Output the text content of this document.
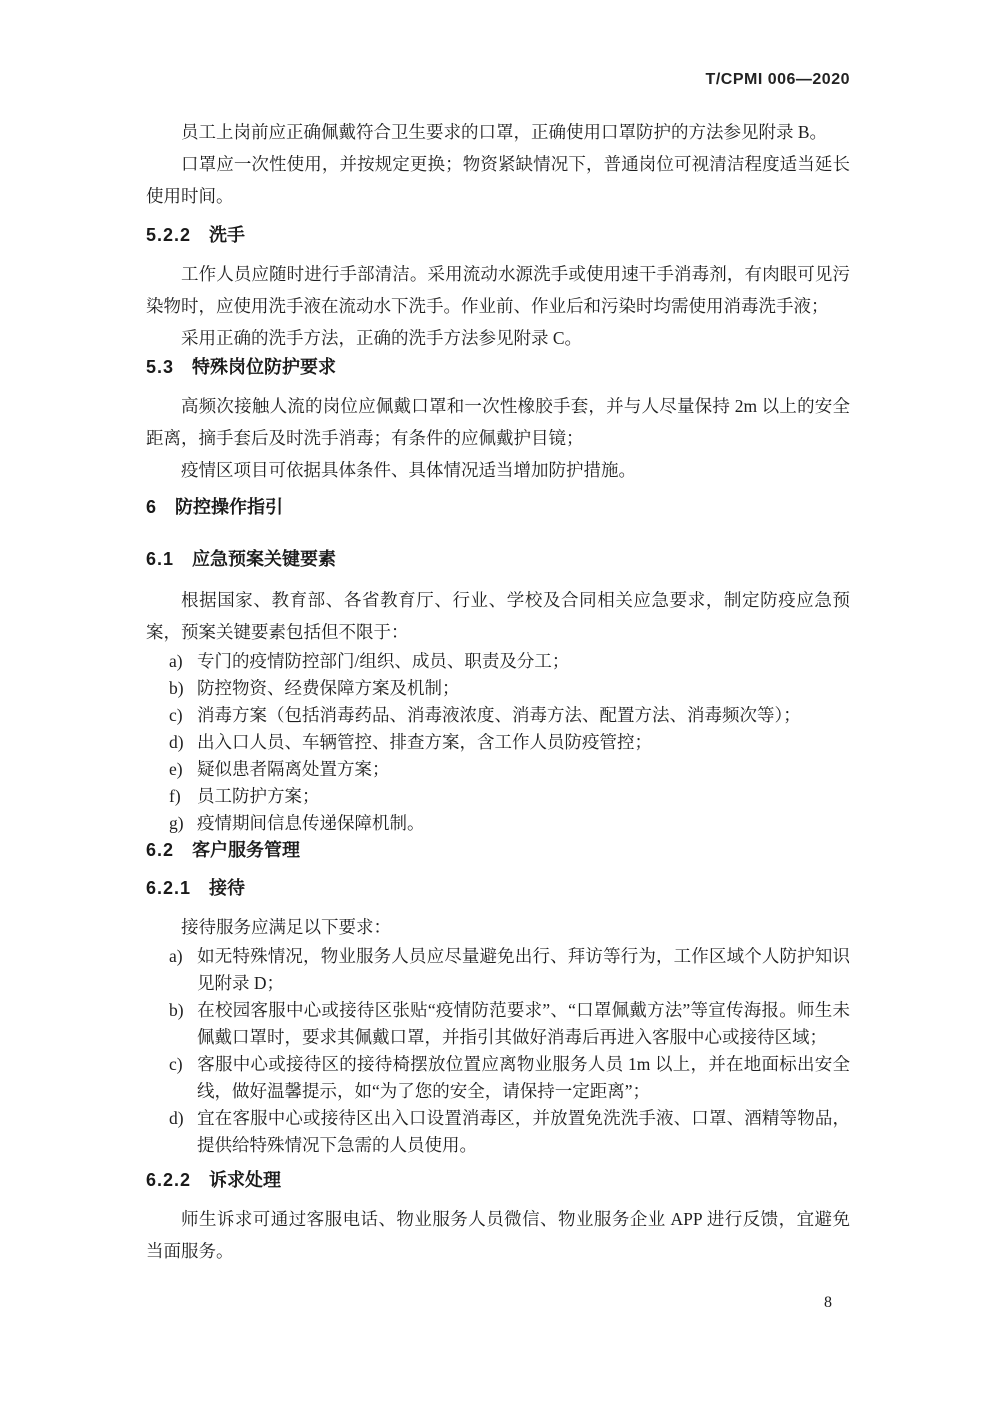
T/CPMI 006—2020

员工上岗前应正确佩戴符合卫生要求的口罩，正确使用口罩防护的方法参见附录 B。

口罩应一次性使用，并按规定更换；物资紧缺情况下，普通岗位可视清洁程度适当延长使用时间。

5.2.2 洗手

工作人员应随时进行手部清洁。采用流动水源洗手或使用速干手消毒剂，有肉眼可见污染物时，应使用洗手液在流动水下洗手。作业前、作业后和污染时均需使用消毒洗手液；

采用正确的洗手方法，正确的洗手方法参见附录 C。

5.3 特殊岗位防护要求

高频次接触人流的岗位应佩戴口罩和一次性橡胶手套，并与人尽量保持 2m 以上的安全距离，摘手套后及时洗手消毒；有条件的应佩戴护目镜；

疫情区项目可依据具体条件、具体情况适当增加防护措施。

6 防控操作指引
6.1 应急预案关键要素

根据国家、教育部、各省教育厅、行业、学校及合同相关应急要求，制定防疫应急预案，预案关键要素包括但不限于：

a) 专门的疫情防控部门/组织、成员、职责及分工；
b) 防控物资、经费保障方案及机制；
c) 消毒方案（包括消毒药品、消毒液浓度、消毒方法、配置方法、消毒频次等）；
d) 出入口人员、车辆管控、排查方案，含工作人员防疫管控；
e) 疑似患者隔离处置方案；
f) 员工防护方案；
g) 疫情期间信息传递保障机制。
6.2 客户服务管理
6.2.1 接待

接待服务应满足以下要求：

a) 如无特殊情况，物业服务人员应尽量避免出行、拜访等行为，工作区域个人防护知识见附录 D；
b) 在校园客服中心或接待区张贴“疫情防范要求”、“口罩佩戴方法”等宣传海报。师生未佩戴口罩时，要求其佩戴口罩，并指引其做好消毒后再进入客服中心或接待区域；
c) 客服中心或接待区的接待椅摆放位置应离物业服务人员 1m 以上，并在地面标出安全线，做好温馨提示，如“为了您的安全，请保持一定距离”；
d) 宜在客服中心或接待区出入口设置消毒区，并放置免洗洗手液、口罩、酒精等物品，提供给特殊情况下急需的人员使用。
6.2.2 诉求处理

师生诉求可通过客服电话、物业服务人员微信、物业服务企业 APP 进行反馈，宜避免当面服务。

8
